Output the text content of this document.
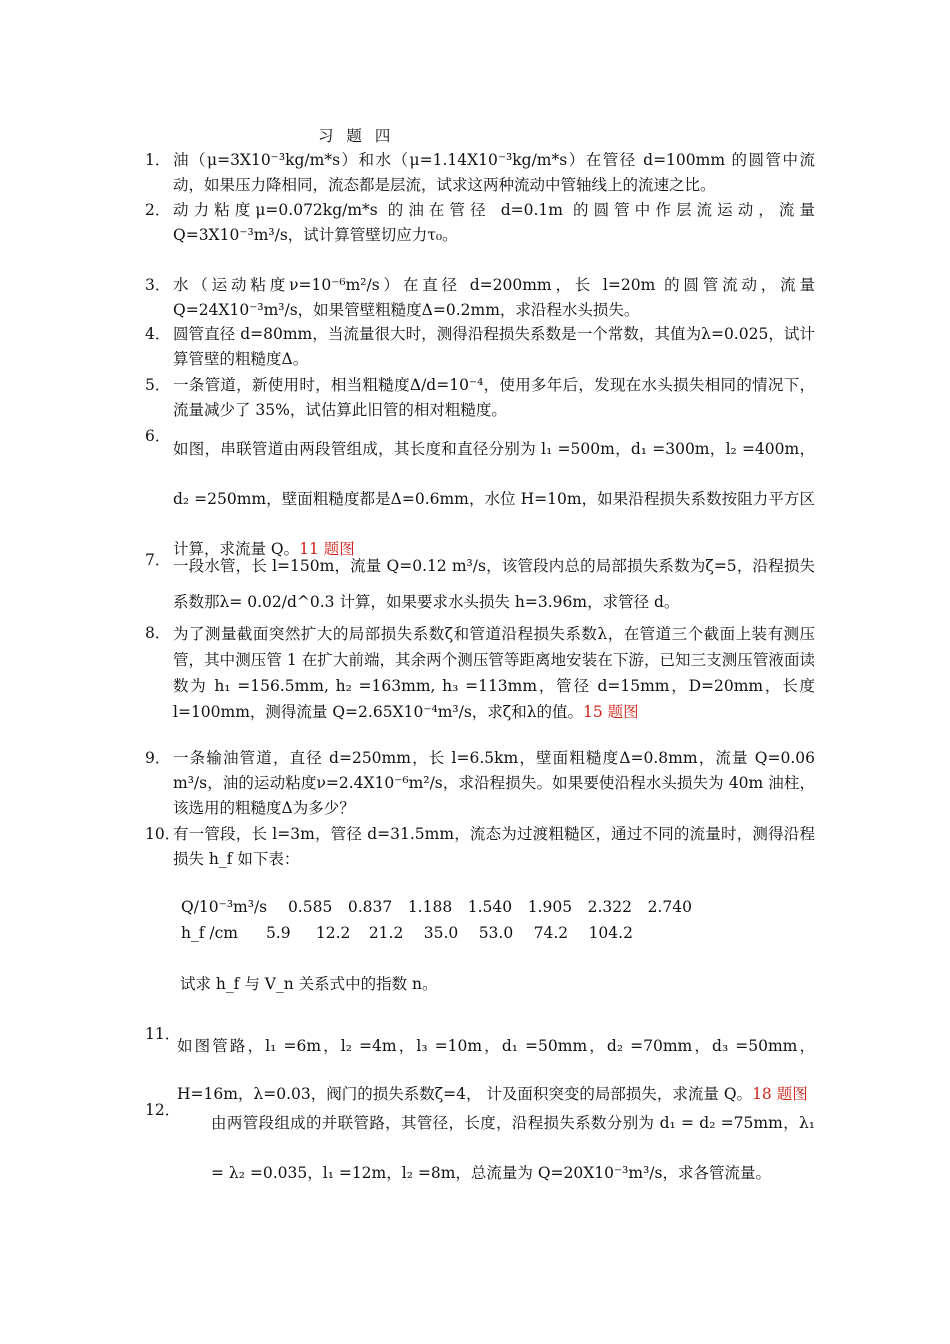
习 题 四
1． 油（μ=3X10⁻³kg/m*s）和水（μ=1.14X10⁻³kg/m*s）在管径 d=100mm 的圆管中流动，如果压力降相同，流态都是层流，试求这两种流动中管轴线上的流速之比。
2． 动力粘度μ=0.072kg/m*s 的油在管径 d=0.1m 的圆管中作层流运动，流量 Q=3X10⁻³m³/s，试计算管壁切应力τ₀。
3． 水（运动粘度ν=10⁻⁶m²/s）在直径 d=200mm，长 l=20m 的圆管流动，流量 Q=24X10⁻³m³/s，如果管壁粗糙度Δ=0.2mm，求沿程水头损失。
4． 圆管直径 d=80mm，当流量很大时，测得沿程损失系数是一个常数，其值为λ=0.025，试计算管壁的粗糙度Δ。
5． 一条管道，新使用时，相当粗糙度Δ/d=10⁻⁴，使用多年后，发现在水头损失相同的情况下，流量减少了 35%，试估算此旧管的相对粗糙度。
6．
如图，串联管道由两段管组成，其长度和直径分别为 l₁ =500m，d₁ =300m，l₂ =400m，d₂ =250mm，壁面粗糙度都是Δ=0.6mm，水位 H=10m，如果沿程损失系数按阻力平方区计算，求流量 Q。11 题图
7． 一段水管，长 l=150m，流量 Q=0.12 m³/s，该管段内总的局部损失系数为ζ=5，沿程损失系数那λ= 0.02/d^0.3 计算，如果要求水头损失 h=3.96m，求管径 d。
8． 为了测量截面突然扩大的局部损失系数ζ和管道沿程损失系数λ，在管道三个截面上装有测压管，其中测压管 1 在扩大前端，其余两个测压管等距离地安装在下游，已知三支测压管液面读数为 h₁ =156.5mm, h₂ =163mm, h₃ =113mm，管径 d=15mm，D=20mm，长度 l=100mm，测得流量 Q=2.65X10⁻⁴m³/s，求ζ和λ的值。15 题图
9． 一条输油管道，直径 d=250mm，长 l=6.5km，壁面粗糙度Δ=0.8mm，流量 Q=0.06 m³/s，油的运动粘度ν=2.4X10⁻⁶m²/s，求沿程损失。如果要使沿程水头损失为 40m 油柱，该选用的粗糙度Δ为多少？
10．
有一管段，长 l=3m，管径 d=31.5mm，流态为过渡粗糙区，通过不同的流量时，测得沿程损失 h_f 如下表：
Q/10⁻³m³/s 0.585 0.837 1.188 1.540 1.905 2.322 2.740
h_f /cm 5.9 12.2 21.2 35.0 53.0 74.2 104.2
试求 h_f 与 V_n 关系式中的指数 n。
11．
如图管路，l₁ =6m，l₂ =4m，l₃ =10m，d₁ =50mm，d₂ =70mm，d₃ =50mm，H=16m，λ=0.03，阀门的损失系数ζ=4， 计及面积突变的局部损失，求流量 Q。18 题图
12．
由两管段组成的并联管路，其管径，长度，沿程损失系数分别为 d₁ = d₂ =75mm，λ₁ = λ₂ =0.035，l₁ =12m，l₂ =8m，总流量为 Q=20X10⁻³m³/s，求各管流量。
